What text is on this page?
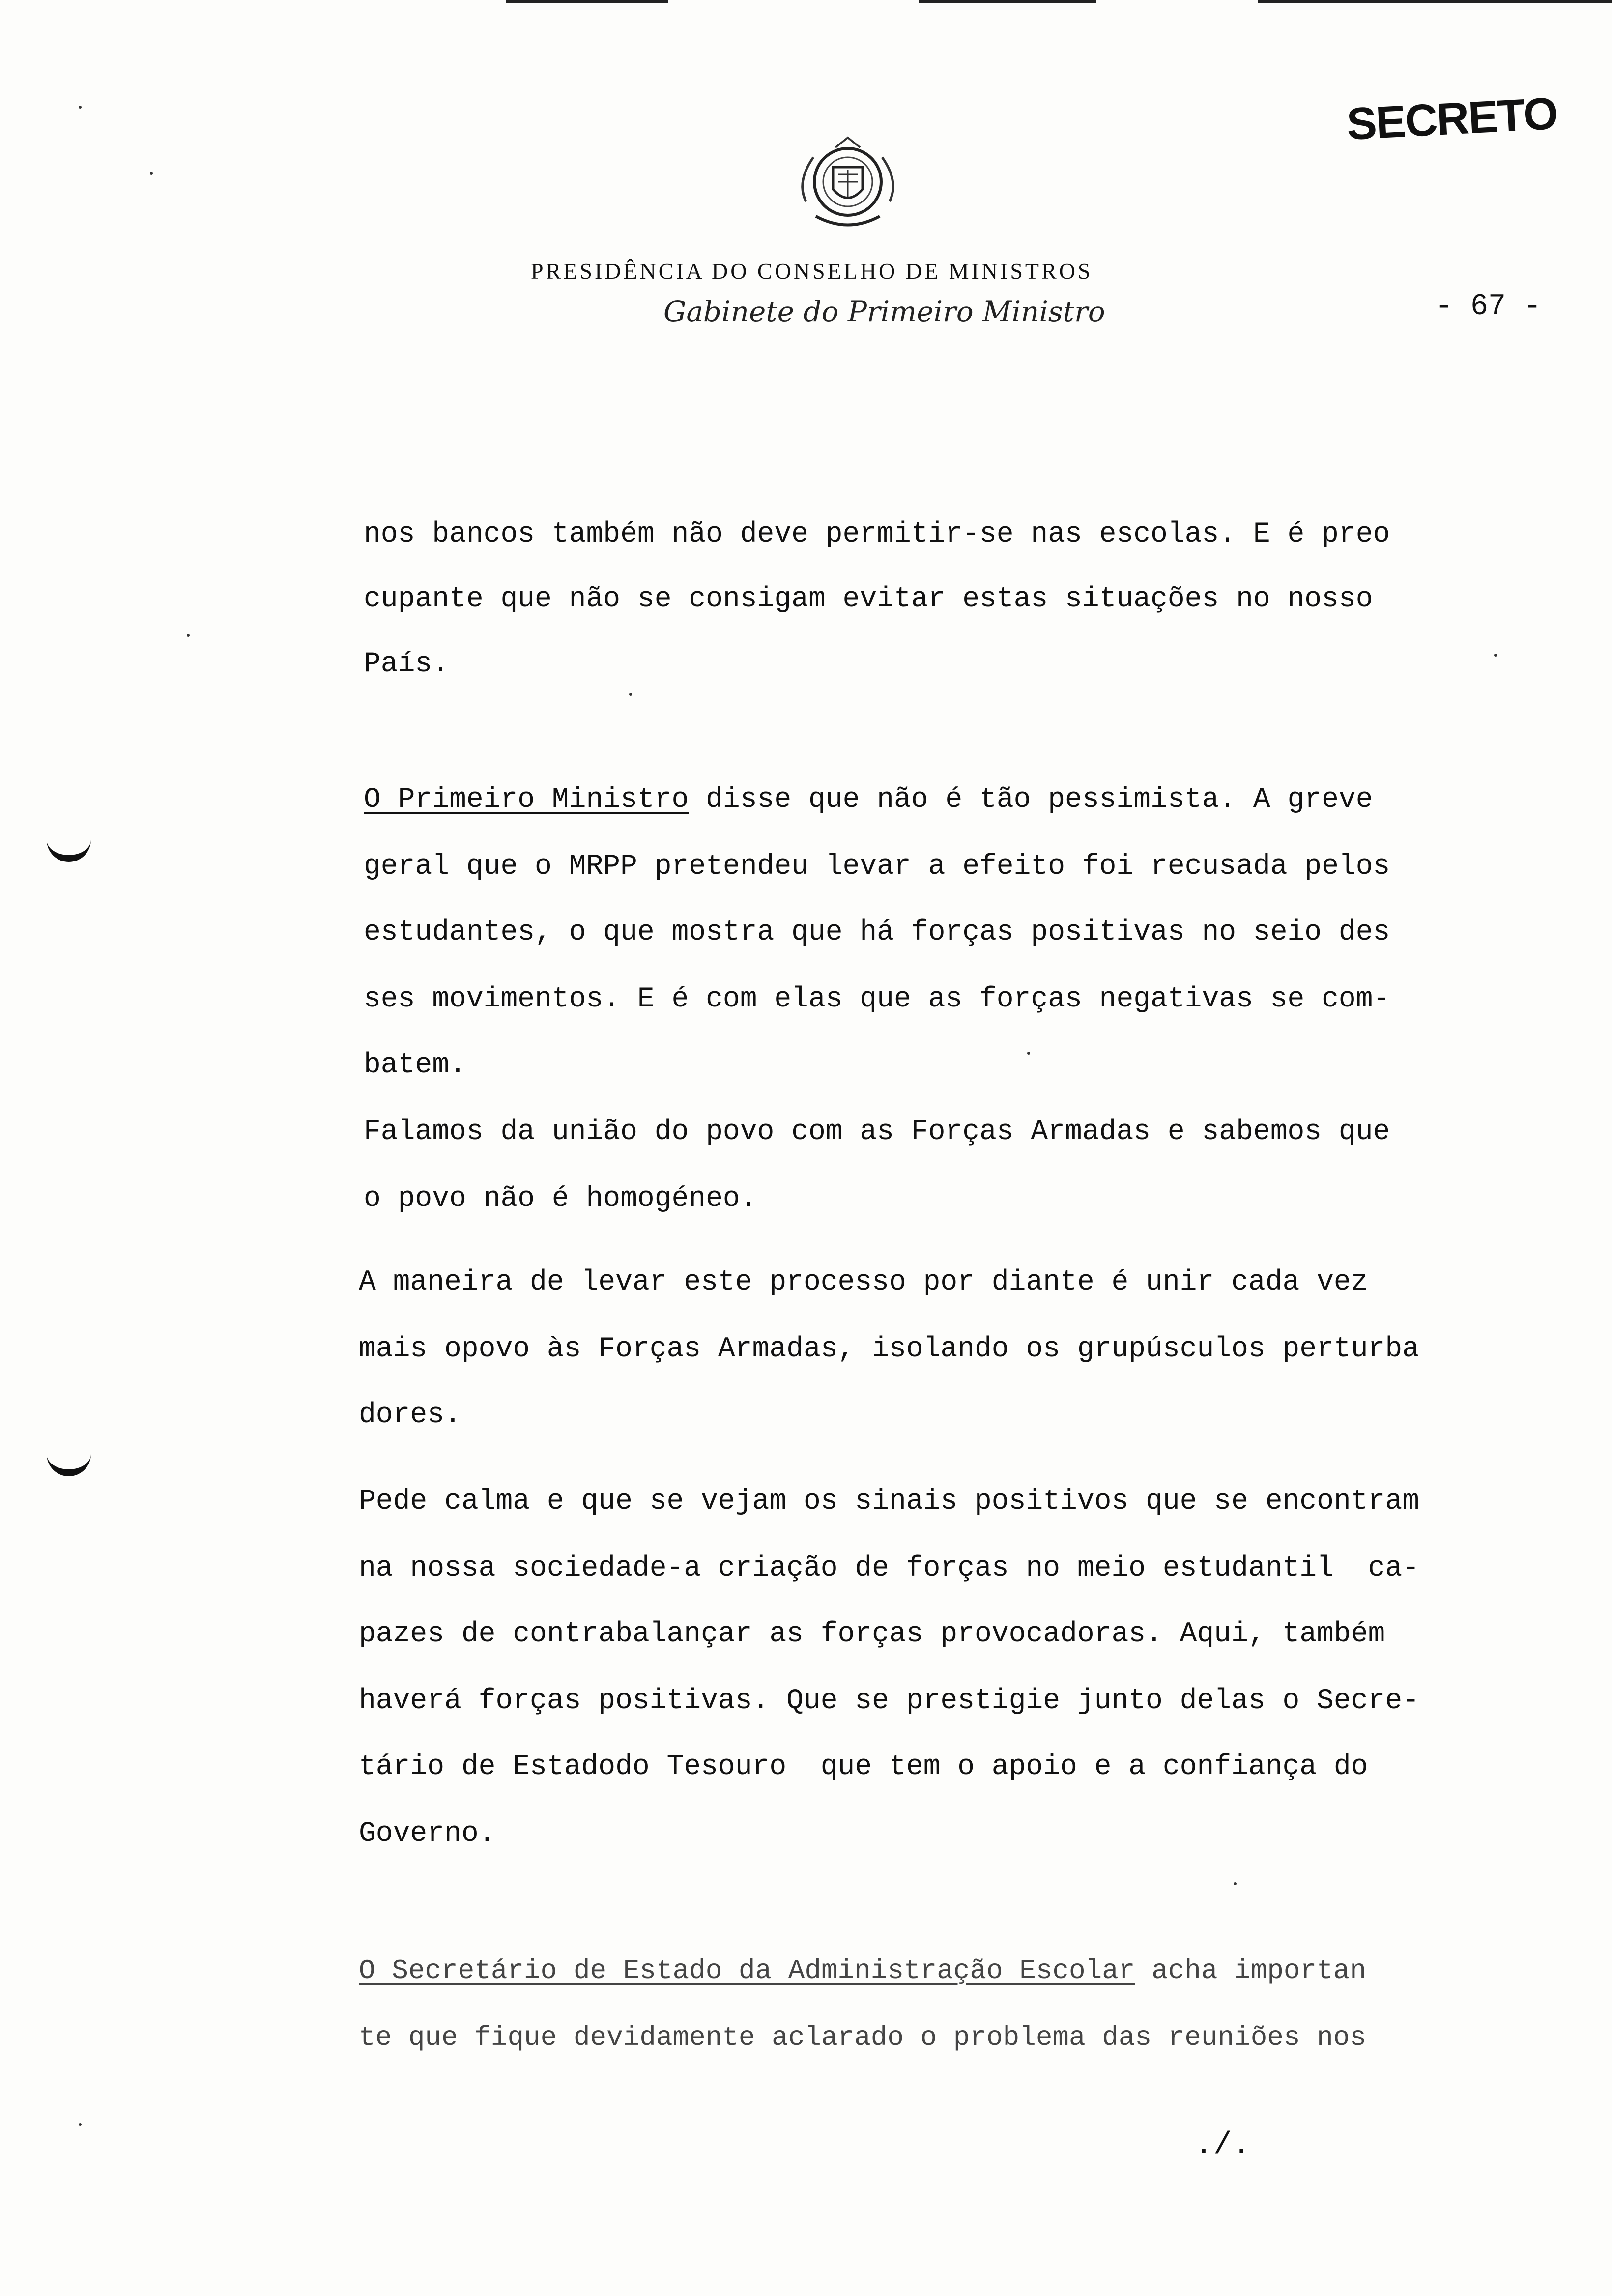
SECRETO
PRESIDÊNCIA DO CONSELHO DE MINISTROS
Gabinete do Primeiro Ministro	- 67 -
nos bancos também não deve permitir-se nas escolas. E é preo
cupante que não se consigam evitar estas situações no nosso
País.
O Primeiro Ministro disse que não é tão pessimista. A greve
geral que o MRPP pretendeu levar a efeito foi recusada pelos
estudantes, o que mostra que há forças positivas no seio des
ses movimentos. E é com elas que as forças negativas se com-
batem.
Falamos da união do povo com as Forças Armadas e sabemos que
o povo não é homogéneo.
A maneira de levar este processo por diante é unir cada vez
mais opovo às Forças Armadas, isolando os grupúsculos perturba
dores.
Pede calma e que se vejam os sinais positivos que se encontram
na nossa sociedade-a criação de forças no meio estudantil  ca-
pazes de contrabalançar as forças provocadoras. Aqui, também
haverá forças positivas. Que se prestigie junto delas o Secre-
tário de Estadodo Tesouro  que tem o apoio e a confiança do
Governo.
O Secretário de Estado da Administração Escolar acha importan
te que fique devidamente aclarado o problema das reuniões nos
./.
